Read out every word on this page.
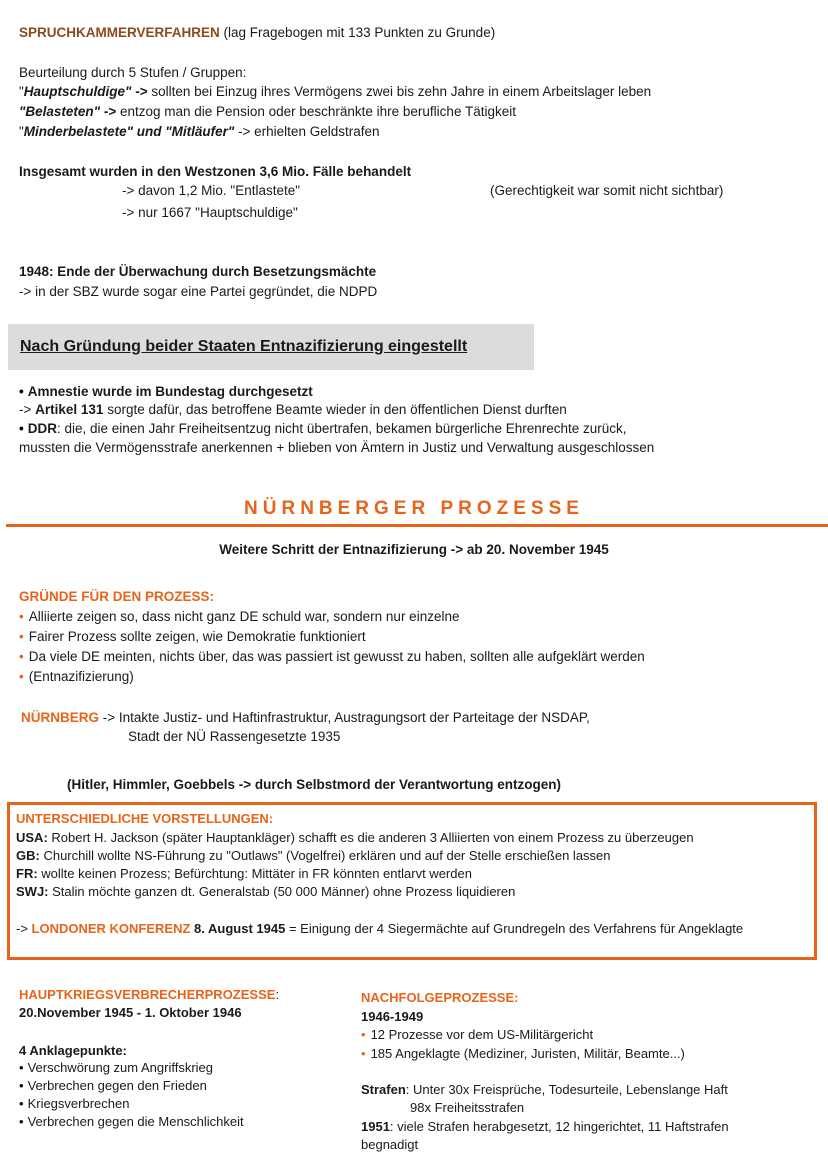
SPRUCHKAMMERVERFAHREN (lag Fragebogen mit 133 Punkten zu Grunde)
Beurteilung durch 5 Stufen / Gruppen:
"Hauptschuldige" -> sollten bei Einzug ihres Vermögens zwei bis zehn Jahre in einem Arbeitslager leben
"Belasteten" -> entzog man die Pension oder beschränkte ihre berufliche Tätigkeit
"Minderbelastete" und "Mitläufer" -> erhielten Geldstrafen
Insgesamt wurden in den Westzonen 3,6 Mio. Fälle behandelt
-> davon 1,2 Mio. "Entlastete"
-> nur 1667 "Hauptschuldige"
(Gerechtigkeit war somit nicht sichtbar)
1948: Ende der Überwachung durch Besetzungsmächte
-> in der SBZ wurde sogar eine Partei gegründet, die NDPD
Nach Gründung beider Staaten Entnazifizierung eingestellt
• Amnestie wurde im Bundestag durchgesetzt
-> Artikel 131 sorgte dafür, das betroffene Beamte wieder in den öffentlichen Dienst durften
• DDR: die, die einen Jahr Freiheitsentzug nicht übertrafen, bekamen bürgerliche Ehrenrechte zurück,
mussten die Vermögensstrafe anerkennen + blieben von Ämtern in Justiz und Verwaltung ausgeschlossen
NÜRNBERGER PROZESSE
Weitere Schritt der Entnazifizierung -> ab 20. November 1945
GRÜNDE FÜR DEN PROZESS:
• Alliierte zeigen so, dass nicht ganz DE schuld war, sondern nur einzelne
• Fairer Prozess sollte zeigen, wie Demokratie funktioniert
• Da viele DE meinten, nichts über, das was passiert ist gewusst zu haben, sollten alle aufgeklärt werden
• (Entnazifizierung)
NÜRNBERG -> Intakte Justiz- und Haftinfrastruktur, Austragungsort der Parteitage der NSDAP,
Stadt der NÜ Rassengesetzte 1935
(Hitler, Himmler, Goebbels -> durch Selbstmord der Verantwortung entzogen)
UNTERSCHIEDLICHE VORSTELLUNGEN:
USA: Robert H. Jackson (später Hauptankläger) schafft es die anderen 3 Alliierten von einem Prozess zu überzeugen
GB: Churchill wollte NS-Führung zu "Outlaws" (Vogelfrei) erklären und auf der Stelle erschießen lassen
FR: wollte keinen Prozess; Befürchtung: Mittäter in FR könnten entlarvt werden
SWJ: Stalin möchte ganzen dt. Generalstab (50 000 Männer) ohne Prozess liquidieren
-> LONDONER KONFERENZ 8. August 1945 = Einigung der 4 Siegermächte auf Grundregeln des Verfahrens für Angeklagte
HAUPTKRIEGSVERBRECHERPROZESSE:
20.November 1945 - 1. Oktober 1946
4 Anklagepunkte:
• Verschwörung zum Angriffskrieg
• Verbrechen gegen den Frieden
• Kriegsverbrechen
• Verbrechen gegen die Menschlichkeit
NACHFOLGEPROZESSE:
1946-1949
• 12 Prozesse vor dem US-Militärgericht
• 185 Angeklagte (Mediziner, Juristen, Militär, Beamte...)
Strafen: Unter 30x Freisprüche, Todesurteile, Lebenslange Haft
98x Freiheitsstrafen
1951: viele Strafen herabgesetzt, 12 hingerichtet, 11 Haftstrafen
begnadigt
